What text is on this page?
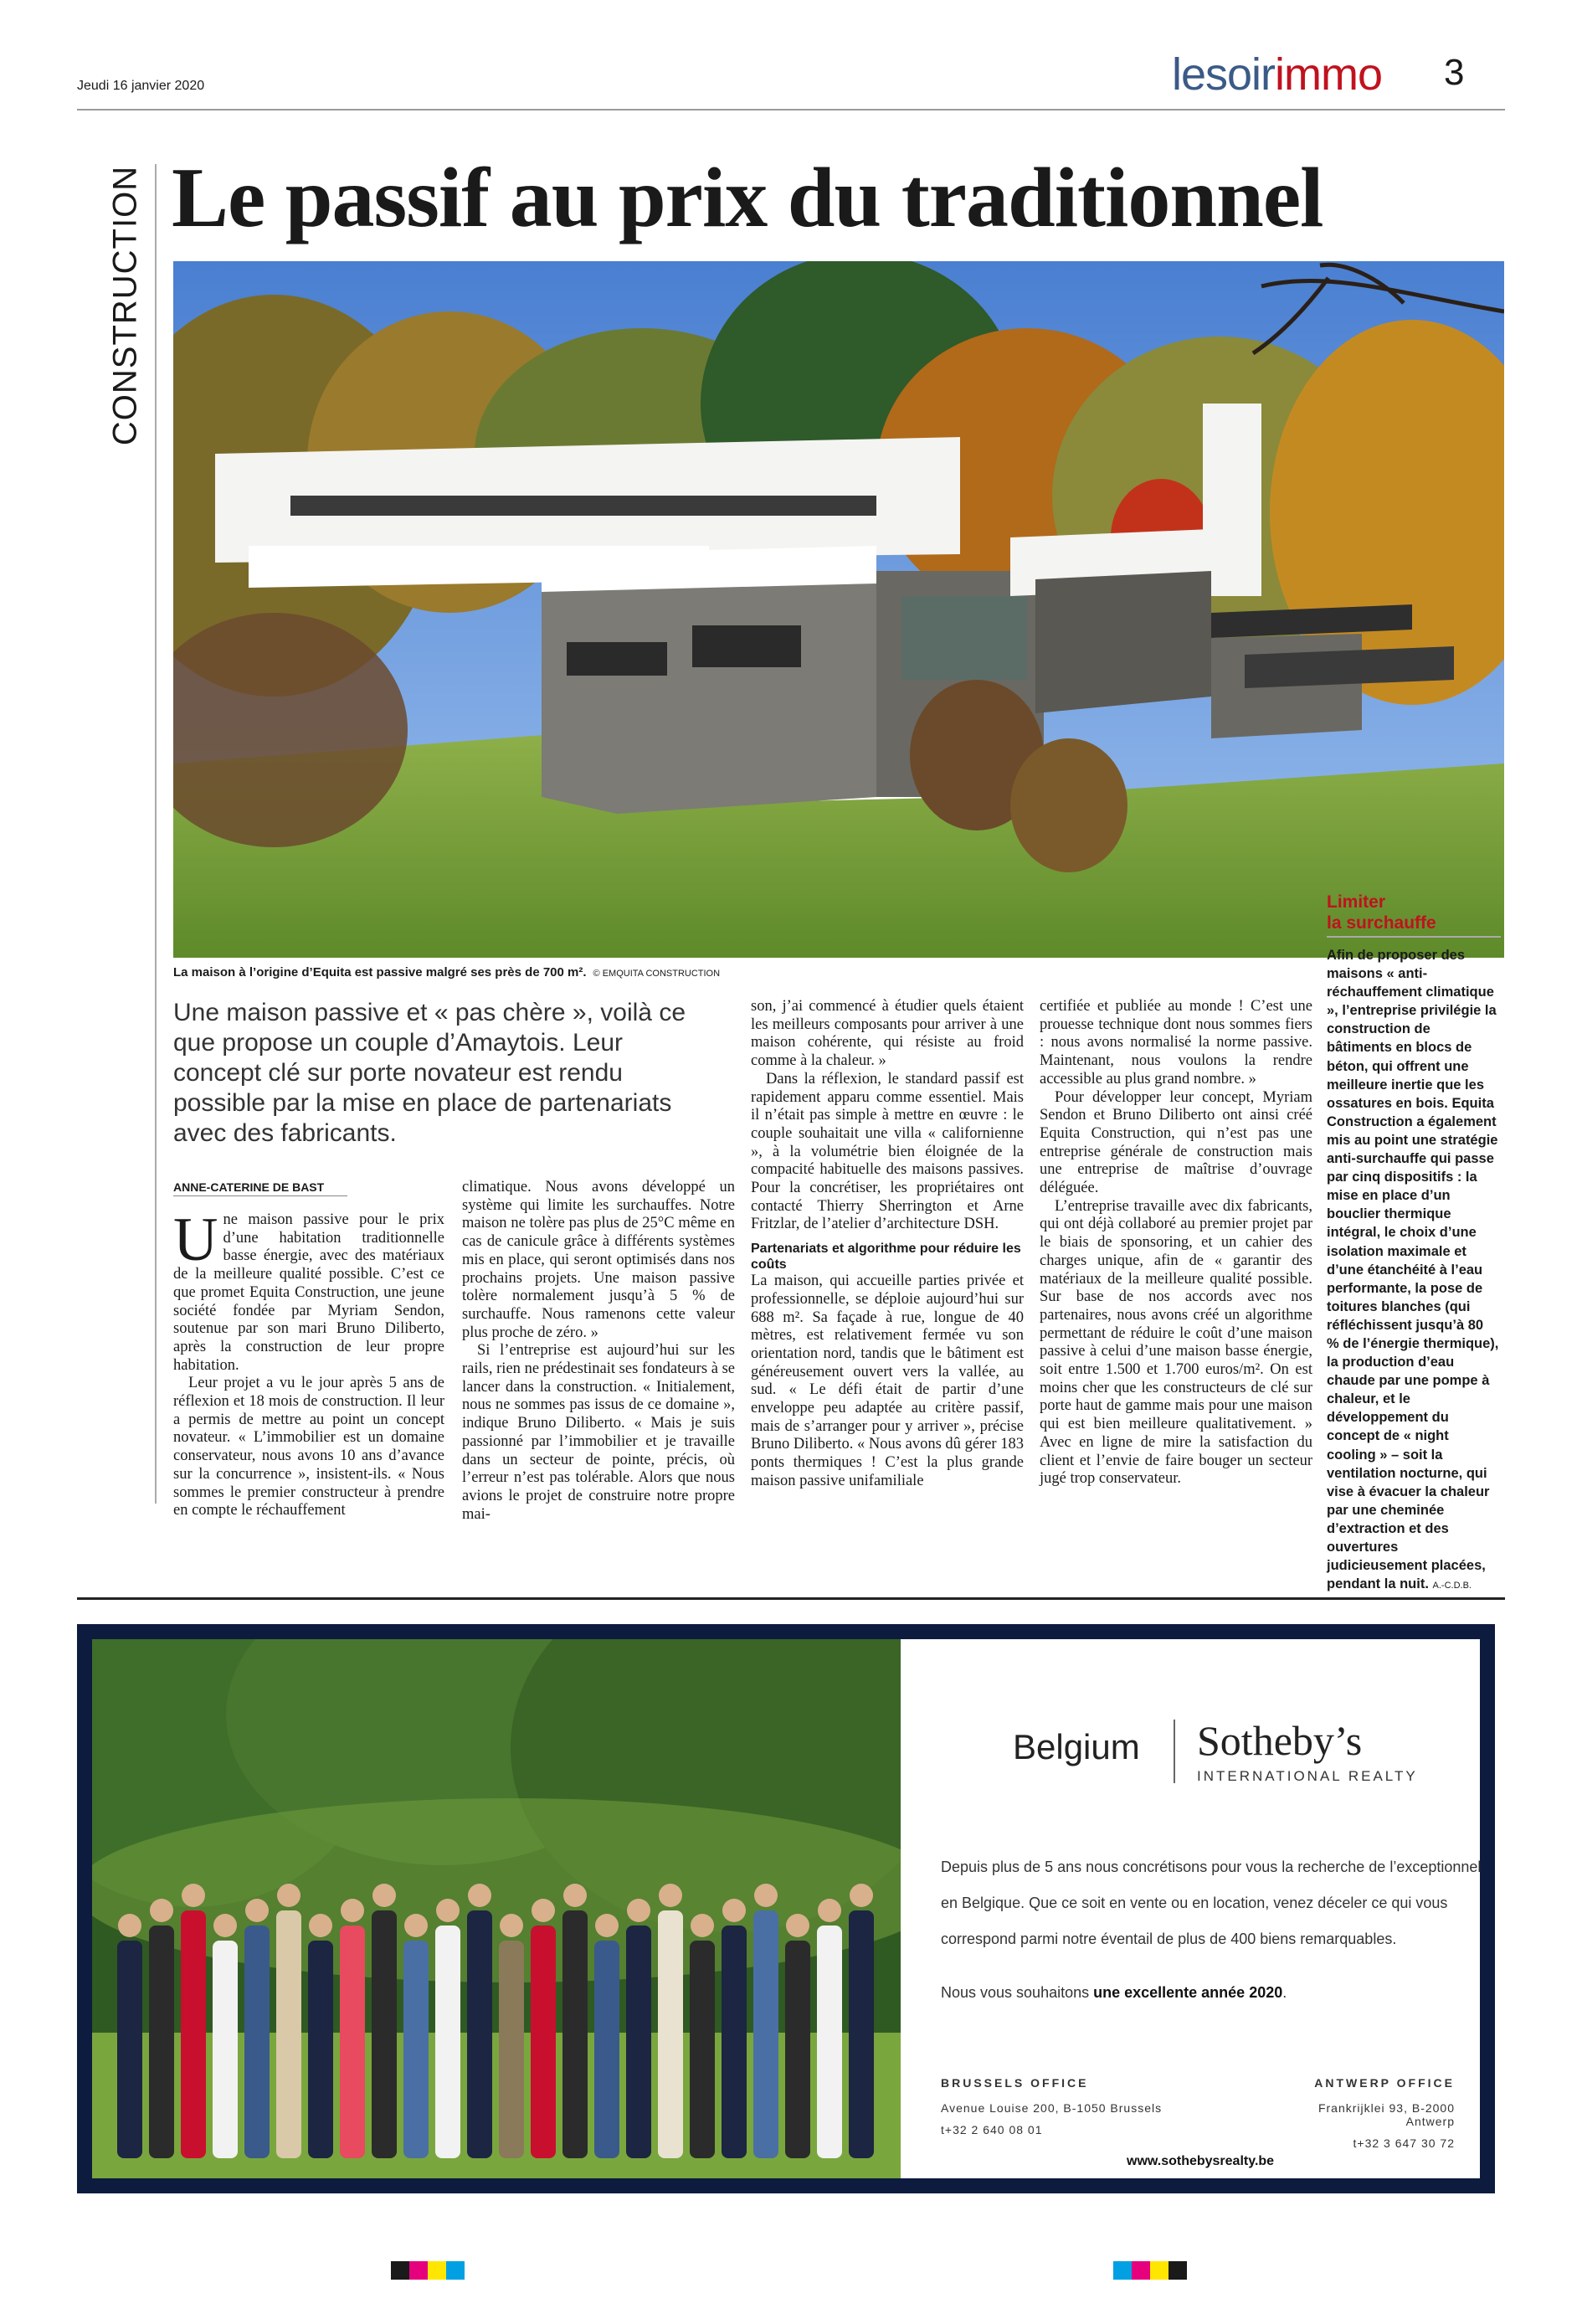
Jeudi 16 janvier 2020	lesoirimmo 3
CONSTRUCTION Le passif au prix du traditionnel
La maison à l’origine d’Equita est passive malgré ses près de 700 m². © EMQUITA CONSTRUCTION
Limiter
la surchauffe
Afin de proposer des maisons « anti-réchauffement climatique », l’entreprise privilégie la construction de bâtiments en blocs de béton, qui offrent une meilleure inertie que les ossatures en bois. Equita Construction a également mis au point une stratégie anti-surchauffe qui passe par cinq dispositifs : la mise en place d’un bouclier thermique intégral, le choix d’une isolation maximale et d’une étanchéité à l’eau performante, la pose de toitures blanches (qui réfléchissent jusqu’à 80 % de l’énergie thermique), la production d’eau chaude par une pompe à chaleur, et le développement du concept de « night cooling » – soit la ventilation nocturne, qui vise à évacuer la chaleur par une cheminée d’extraction et des ouvertures judicieusement placées, pendant la nuit. A.-C.D.B.
Une maison passive et « pas chère », voilà ce que propose un couple d’Amaytois. Leur concept clé sur porte novateur est rendu possible par la mise en place de partenariats avec des fabricants.
ANNE-CATERINE DE BAST

Une maison passive pour le prix d’une habitation traditionnelle basse énergie, avec des matériaux de la meilleure qualité possible. C’est ce que promet Equita Construction, une jeune société fondée par Myriam Sendon, soutenue par son mari Bruno Diliberto, après la construction de leur propre habitation.

Leur projet a vu le jour après 5 ans de réflexion et 18 mois de construction. Il leur a permis de mettre au point un concept novateur. « L’immobilier est un domaine conservateur, nous avons 10 ans d’avance sur la concurrence », insistent-ils. « Nous sommes le premier constructeur à prendre en compte le réchauffement

climatique. Nous avons développé un système qui limite les surchauffes. Notre maison ne tolère pas plus de 25°C même en cas de canicule grâce à différents systèmes mis en place, qui seront optimisés dans nos prochains projets. Une maison passive tolère normalement jusqu’à 5 % de surchauffe. Nous ramenons cette valeur plus proche de zéro. »

Si l’entreprise est aujourd’hui sur les rails, rien ne prédestinait ses fondateurs à se lancer dans la construction. « Initialement, nous ne sommes pas issus de ce domaine », indique Bruno Diliberto. « Mais je suis passionné par l’immobilier et je travaille dans un secteur de pointe, précis, où l’erreur n’est pas tolérable. Alors que nous avions le projet de construire notre propre mai-

son, j’ai commencé à étudier quels étaient les meilleurs composants pour arriver à une maison cohérente, qui résiste au froid comme à la chaleur. »

Dans la réflexion, le standard passif est rapidement apparu comme essentiel. Mais il n’était pas simple à mettre en œuvre : le couple souhaitait une villa « californienne », à la volumétrie bien éloignée de la compacité habituelle des maisons passives. Pour la concrétiser, les propriétaires ont contacté Thierry Sherrington et Arne Fritzlar, de l’atelier d’architecture DSH.

Partenariats et algorithme pour réduire les coûts

La maison, qui accueille parties privée et professionnelle, se déploie aujourd’hui sur 688 m². Sa façade à rue, longue de 40 mètres, est relativement fermée vu son orientation nord, tandis que le bâtiment est généreusement ouvert vers la vallée, au sud. « Le défi était de partir d’une enveloppe peu adaptée au critère passif, mais de s’arranger pour y arriver », précise Bruno Diliberto. « Nous avons dû gérer 183 ponts thermiques ! C’est la plus grande maison passive unifamiliale

certifiée et publiée au monde ! C’est une prouesse technique dont nous sommes fiers : nous avons normalisé la norme passive. Maintenant, nous voulons la rendre accessible au plus grand nombre. »

Pour développer leur concept, Myriam Sendon et Bruno Diliberto ont ainsi créé Equita Construction, qui n’est pas une entreprise générale de construction mais une entreprise de maîtrise d’ouvrage déléguée.

L’entreprise travaille avec dix fabricants, qui ont déjà collaboré au premier projet par le biais de sponsoring, et un cahier des charges unique, afin de « garantir des matériaux de la meilleure qualité possible. Sur base de nos accords avec nos partenaires, nous avons créé un algorithme permettant de réduire le coût d’une maison passive à celui d’une maison basse énergie, soit entre 1.500 et 1.700 euros/m². On est moins cher que les constructeurs de clé sur porte haut de gamme mais pour une maison qui est bien meilleure qualitativement. » Avec en ligne de mire la satisfaction du client et l’envie de faire bouger un secteur jugé trop conservateur.

Belgium Sotheby’s
INTERNATIONAL REALTY
Depuis plus de 5 ans nous concrétisons pour vous la recherche de l’exceptionnel
en Belgique. Que ce soit en vente ou en location, venez déceler ce qui vous
correspond parmi notre éventail de plus de 400 biens remarquables.
Nous vous souhaitons une excellente année 2020.
BRUSSELS OFFICE
Avenue Louise 200, B-1050 Brussels
t+32 2 640 08 01
ANTWERP OFFICE
Frankrijklei 93, B-2000 Antwerp
t+32 3 647 30 72
www.sothebysrealty.be
